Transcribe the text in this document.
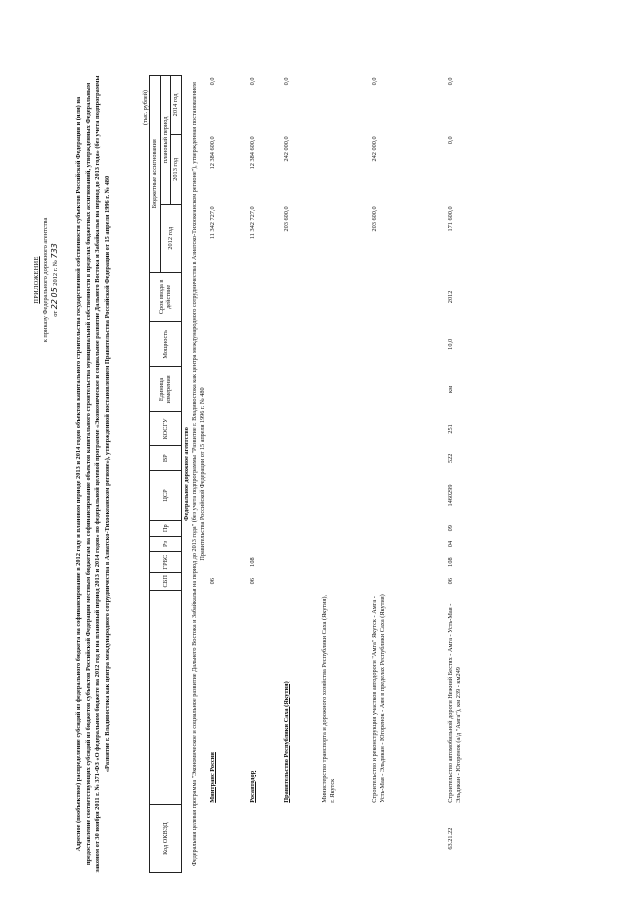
ПРИЛОЖЕНИЕ к приказу Федерального дорожного агентства от 22 05 2012 г. № 733	Адресное (пообъектное) распределение субсидий из федерального бюджета на софинансирование в 2012 году и плановом периоде 2013 и 2014 годов объектов капитального строительства государственной собственности субъектов Российской Федерации и (или) на предоставление соответствующих субсидий из бюджетов субъектов Российской Федерации местным бюджетам на софинансирование объектов капитального строительства муниципальной собственности в пределах бюджетных ассигнований, утвержденных Федеральным законом от 30 ноября 2011 г. № 371-ФЗ «О федеральном бюджете на 2012 год и на плановый период 2013 и 2014 годов» по федеральной целевой программе «Экономическое и социальное развитие Дальнего Востока и Забайкалья на период до 2013 года» (без учета подпрограммы «Развитие г. Владивостока как центра международного сотрудничества в Азиатско-Тихоокеанском регионе»), утвержденной постановлением Правительства Российской Федерации от 15 апреля 1996 г. № 480
(тыс. рублей)
Код ОКВЭД		СБП	ГРБС	Рз	Пр	ЦСР	ВР	КОСГУ	Единица измерения	Мощность	Срок ввода в действие	Бюджетные ассигнования		
												2012 год	плановый период	
													2013 год	2014 год

Федеральное дорожное агентство Федеральная целевая программа "Экономическое и социальное развитие Дальнего Востока и Забайкалья на период до 2013 года" (без учета подпрограммы "Развитие г. Владивостока как центра международного сотрудничества в Азиатско-Тихоокеанском регионе"), утвержденная постановлением Правительства Российской Федерации от 15 апреля 1996 г. № 480														
	Минтранс России	06										11 342 727,0	12 384 600,0	0,0
	Росавтодор	06	108									11 342 727,0	12 384 600,0	0,0
	Правительство Республики Саха (Якутия)											203 600,0	242 000,0	0,0
	Министерство транспорта и дорожного хозяйства Республики Саха (Якутия), г. Якутск													
	Строительство и реконструкция участков автодороги "Амга" Якутск - Амга - Усть-Мая - Эльдикан - Югоренок - Аян в пределах Республики Саха (Якутия)											203 600,0	242 000,0	0,0
63.21.22	Строительство автомобильной дороги Нежний Бестях - Амга - Усть-Мая - Эльдикан - Югоренок (а/д "Амга"), км 239 - км249	06	108	04	09	1460299	522	251	км	10,0	2012	171 600,0	0,0	0,0
